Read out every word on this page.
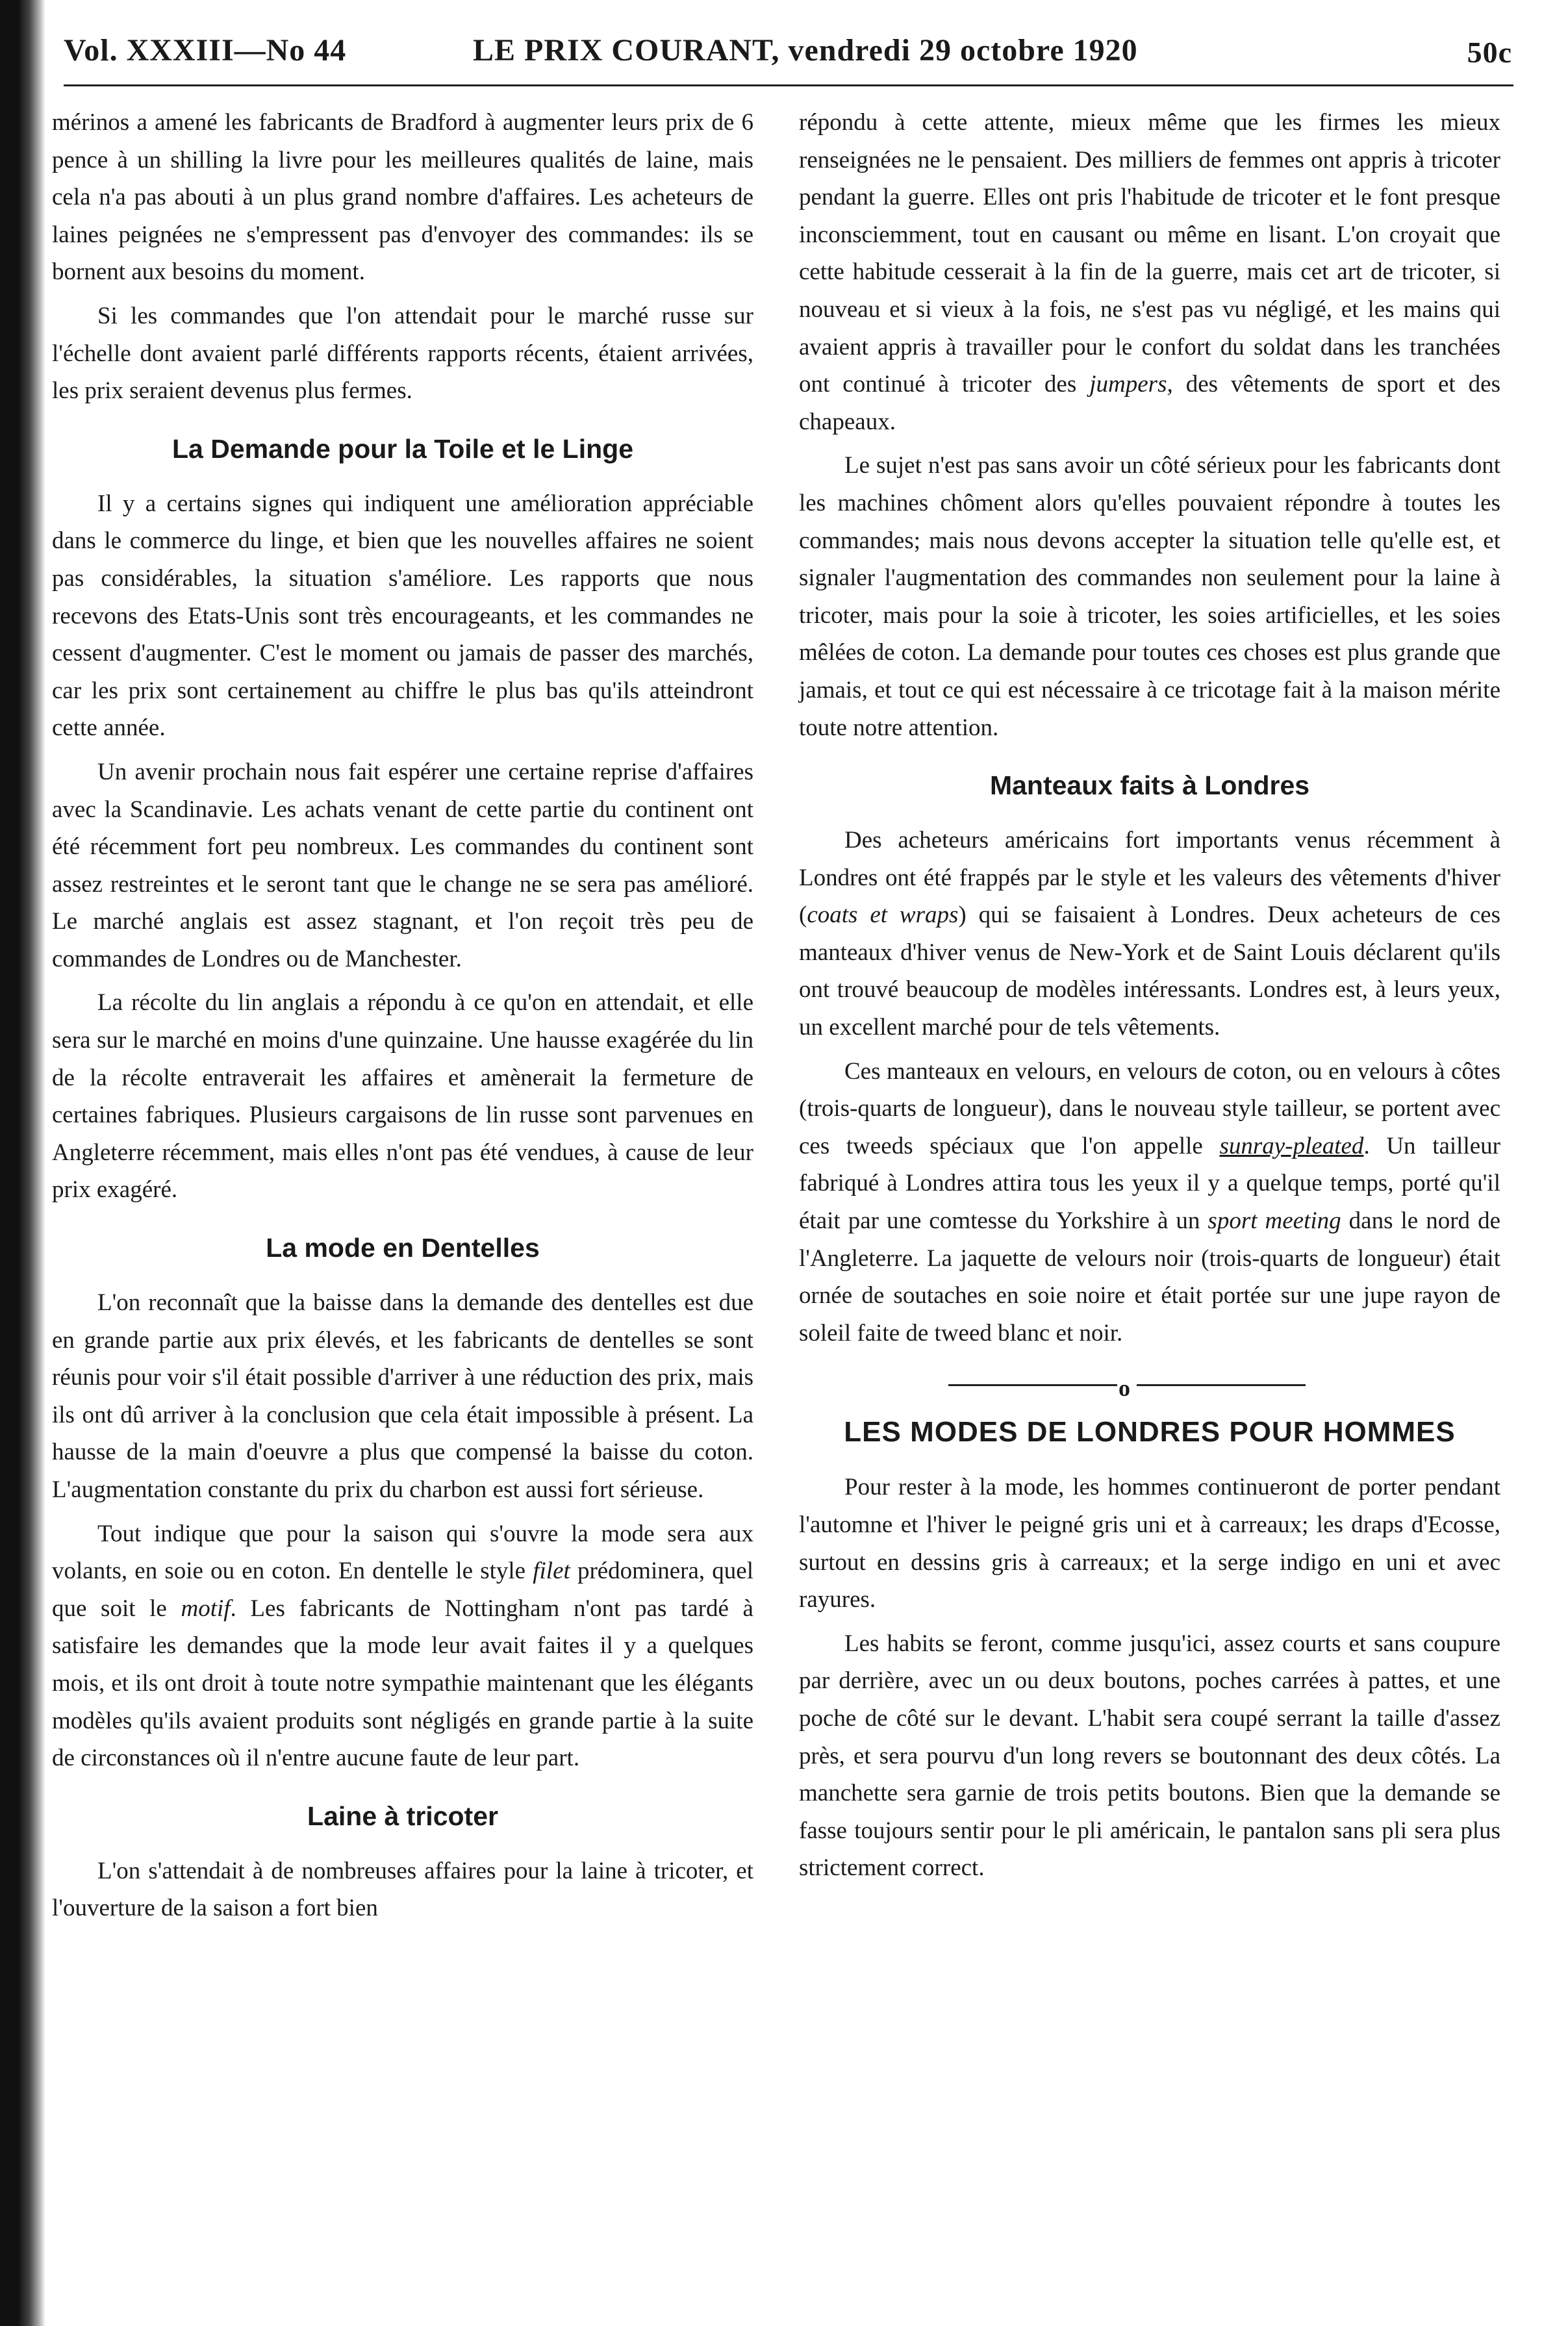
Vol. XXXIII—No 44	LE PRIX COURANT, vendredi 29 octobre 1920	50c

mérinos a amené les fabricants de Bradford à augmenter leurs prix de 6 pence à un shilling la livre pour les meilleures qualités de laine, mais cela n'a pas abouti à un plus grand nombre d'affaires. Les acheteurs de laines peignées ne s'empressent pas d'envoyer des commandes: ils se bornent aux besoins du moment.

Si les commandes que l'on attendait pour le marché russe sur l'échelle dont avaient parlé différents rapports récents, étaient arrivées, les prix seraient devenus plus fermes.

La Demande pour la Toile et le Linge

Il y a certains signes qui indiquent une amélioration appréciable dans le commerce du linge, et bien que les nouvelles affaires ne soient pas considérables, la situation s'améliore. Les rapports que nous recevons des Etats-Unis sont très encourageants, et les commandes ne cessent d'augmenter. C'est le moment ou jamais de passer des marchés, car les prix sont certainement au chiffre le plus bas qu'ils atteindront cette année.

Un avenir prochain nous fait espérer une certaine reprise d'affaires avec la Scandinavie. Les achats venant de cette partie du continent ont été récemment fort peu nombreux. Les commandes du continent sont assez restreintes et le seront tant que le change ne se sera pas amélioré. Le marché anglais est assez stagnant, et l'on reçoit très peu de commandes de Londres ou de Manchester.

La récolte du lin anglais a répondu à ce qu'on en attendait, et elle sera sur le marché en moins d'une quinzaine. Une hausse exagérée du lin de la récolte entraverait les affaires et amènerait la fermeture de certaines fabriques. Plusieurs cargaisons de lin russe sont parvenues en Angleterre récemment, mais elles n'ont pas été vendues, à cause de leur prix exagéré.

La mode en Dentelles

L'on reconnaît que la baisse dans la demande des dentelles est due en grande partie aux prix élevés, et les fabricants de dentelles se sont réunis pour voir s'il était possible d'arriver à une réduction des prix, mais ils ont dû arriver à la conclusion que cela était impossible à présent. La hausse de la main d'oeuvre a plus que compensé la baisse du coton. L'augmentation constante du prix du charbon est aussi fort sérieuse.

Tout indique que pour la saison qui s'ouvre la mode sera aux volants, en soie ou en coton. En dentelle le style filet prédominera, quel que soit le motif. Les fabricants de Nottingham n'ont pas tardé à satisfaire les demandes que la mode leur avait faites il y a quelques mois, et ils ont droit à toute notre sympathie maintenant que les élégants modèles qu'ils avaient produits sont négligés en grande partie à la suite de circonstances où il n'entre aucune faute de leur part.

Laine à tricoter

L'on s'attendait à de nombreuses affaires pour la laine à tricoter, et l'ouverture de la saison a fort bien

répondu à cette attente, mieux même que les firmes les mieux renseignées ne le pensaient. Des milliers de femmes ont appris à tricoter pendant la guerre. Elles ont pris l'habitude de tricoter et le font presque inconsciemment, tout en causant ou même en lisant. L'on croyait que cette habitude cesserait à la fin de la guerre, mais cet art de tricoter, si nouveau et si vieux à la fois, ne s'est pas vu négligé, et les mains qui avaient appris à travailler pour le confort du soldat dans les tranchées ont continué à tricoter des jumpers, des vêtements de sport et des chapeaux.

Le sujet n'est pas sans avoir un côté sérieux pour les fabricants dont les machines chôment alors qu'elles pouvaient répondre à toutes les commandes; mais nous devons accepter la situation telle qu'elle est, et signaler l'augmentation des commandes non seulement pour la laine à tricoter, mais pour la soie à tricoter, les soies artificielles, et les soies mêlées de coton. La demande pour toutes ces choses est plus grande que jamais, et tout ce qui est nécessaire à ce tricotage fait à la maison mérite toute notre attention.

Manteaux faits à Londres

Des acheteurs américains fort importants venus récemment à Londres ont été frappés par le style et les valeurs des vêtements d'hiver (coats et wraps) qui se faisaient à Londres. Deux acheteurs de ces manteaux d'hiver venus de New-York et de Saint Louis déclarent qu'ils ont trouvé beaucoup de modèles intéressants. Londres est, à leurs yeux, un excellent marché pour de tels vêtements.

Ces manteaux en velours, en velours de coton, ou en velours à côtes (trois-quarts de longueur), dans le nouveau style tailleur, se portent avec ces tweeds spéciaux que l'on appelle sunray-pleated. Un tailleur fabriqué à Londres attira tous les yeux il y a quelque temps, porté qu'il était par une comtesse du Yorkshire à un sport meeting dans le nord de l'Angleterre. La jaquette de velours noir (trois-quarts de longueur) était ornée de soutaches en soie noire et était portée sur une jupe rayon de soleil faite de tweed blanc et noir.

o
LES MODES DE LONDRES POUR HOMMES

Pour rester à la mode, les hommes continueront de porter pendant l'automne et l'hiver le peigné gris uni et à carreaux; les draps d'Ecosse, surtout en dessins gris à carreaux; et la serge indigo en uni et avec rayures.

Les habits se feront, comme jusqu'ici, assez courts et sans coupure par derrière, avec un ou deux boutons, poches carrées à pattes, et une poche de côté sur le devant. L'habit sera coupé serrant la taille d'assez près, et sera pourvu d'un long revers se boutonnant des deux côtés. La manchette sera garnie de trois petits boutons. Bien que la demande se fasse toujours sentir pour le pli américain, le pantalon sans pli sera plus strictement correct.
